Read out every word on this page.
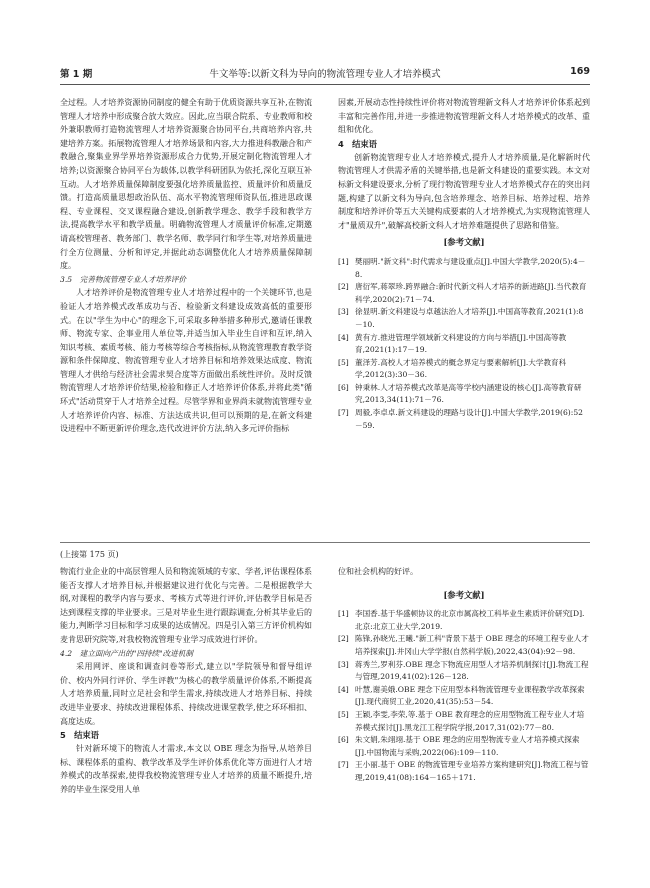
第 1 期	牛文举等:以新文科为导向的物流管理专业人才培养模式	169

全过程。人才培养资源协同制度的健全有助于优质资源共享互补,在物流管理人才培养中形成聚合放大效应。因此,应当联合院系、专业教师和校外兼职教师打造物流管理人才培养资源聚合协同平台,共商培养内容,共建培养方案。拓展物流管理人才培养场景和内容,大力推进科教融合和产教融合,聚集业界学界培养资源形成合力优势,开展定制化物流管理人才培养;以资源聚合协同平台为载体,以教学科研团队为依托,深化互联互补互动。人才培养质量保障制度要强化培养质量监控、质量评价和质量反馈。打造高质量思想政治队伍、高水平物流管理师资队伍,推进思政课程、专业课程、交叉课程融合建设,创新教学理念、教学手段和教学方法,提高教学水平和教学质量。明确物流管理人才质量评价标准,定期邀请高校管理者、教务部门、教学名师、教学同行和学生等,对培养质量进行全方位测量、分析和评定,并据此动态调整优化人才培养质量保障制度。

3.5　完善物流管理专业人才培养评价

人才培养评价是物流管理专业人才培养过程中的一个关键环节,也是验证人才培养模式改革成功与否、检验新文科建设成效高低的重要形式。在以"学生为中心"的理念下,可采取多种举措多种形式,邀请任课教师、物流专家、企事业用人单位等,并适当加入毕业生自评和互评,纳入知识考核、素质考核、能力考核等综合考核指标,从物流管理教育教学资源和条件保障度、物流管理专业人才培养目标和培养效果达成度、物流管理人才供给与经济社会需求契合度等方面做出系统性评价。及时反馈物流管理人才培养评价结果,检验和修正人才培养评价体系,并将此类"循环式"活动贯穿于人才培养全过程。尽管学界和业界尚未就物流管理专业人才培养评价内容、标准、方法达成共识,但可以预期的是,在新文科建设进程中不断更新评价理念,迭代改进评价方法,纳入多元评价指标

因素,开展动态性持续性评价将对物流管理新文科人才培养评价体系起到丰富和完善作用,并进一步推进物流管理新文科人才培养模式的改革、重组和优化。

4　结束语

创新物流管理专业人才培养模式,提升人才培养质量,是化解新时代物流管理人才供需矛盾的关键举措,也是新文科建设的重要实践。本文对标新文科建设要求,分析了现行物流管理专业人才培养模式存在的突出问题,构建了以新文科为导向,包含培养理念、培养目标、培养过程、培养制度和培养评价等五大关键构成要素的人才培养模式,为实现物流管理人才"量质双升",破解高校新文科人才培养难题提供了思路和借鉴。

[参考文献]
[1] 樊丽明."新文科":时代需求与建设重点[J].中国大学教学,2020(5):4－8.
[2] 唐衍军,蒋翠珍.跨界融合:新时代新文科人才培养的新进路[J].当代教育科学,2020(2):71－74.
[3] 徐显明.新文科建设与卓越法治人才培养[J].中国高等教育,2021(1):8－10.
[4] 黄有方.推进管理学领域新文科建设的方向与举措[J].中国高等教育,2021(1):17－19.
[5] 董泽芳.高校人才培养模式的概念界定与要素解析[J].大学教育科学,2012(3):30－36.
[6] 钟秉林.人才培养模式改革是高等学校内涵建设的核心[J].高等教育研究,2013,34(11):71－76.
[7] 周毅,李卓卓.新文科建设的理路与设计[J].中国大学教学,2019(6):52－59.
(上接第 175 页)

物流行业企业的中高层管理人员和物流领域的专家、学者,评估课程体系能否支撑人才培养目标,并根据建议进行优化与完善。二是根据教学大纲,对课程的教学内容与要求、考核方式等进行评价,评估教学目标是否达到课程支撑的毕业要求。三是对毕业生进行跟踪调查,分析其毕业后的能力,判断学习目标和学习成果的达成情况。四是引入第三方评价机构如麦肯思研究院等,对我校物流管理专业学习成效进行评价。

4.2　建立面向产出的"四持续"改进机制

采用网评、座谈和调查问卷等形式,建立以"学院领导和督导组评价、校内外同行评价、学生评教"为核心的教学质量评价体系,不断提高人才培养质量,同时立足社会和学生需求,持续改进人才培养目标、持续改进毕业要求、持续改进课程体系、持续改进课堂教学,使之环环相扣、高度达成。

5　结束语

针对新环境下的物流人才需求,本文以 OBE 理念为指导,从培养目标、课程体系的重构、教学改革及学生评价体系优化等方面进行人才培养模式的改革探索,使得我校物流管理专业人才培养的质量不断提升,培养的毕业生深受用人单

位和社会机构的好评。

[参考文献]
[1] 李国香.基于华盛顿协议的北京市属高校工科毕业生素质评价研究[D].北京:北京工业大学,2019.
[2] 陈锋,孙晓光,王曦."新工科"背景下基于 OBE 理念的环境工程专业人才培养探索[J].井冈山大学学报(自然科学版),2022,43(04):92－98.
[3] 蒋秀兰,罗利芬.OBE 理念下物流应用型人才培养机制探讨[J].物流工程与管理,2019,41(02):126－128.
[4] 叶慧,谢美娥.OBE 理念下应用型本科物流管理专业课程教学改革探索[J].现代商贸工业,2020,41(35):53－54.
[5] 王颖,李雯,李荣,等.基于 OBE 教育理念的应用型物流工程专业人才培养模式探讨[J].黑龙江工程学院学报,2017,31(02):77－80.
[6] 朱文娟,朱翊翊.基于 OBE 理念的应用型物流专业人才培养模式探索[J].中国物流与采购,2022(06):109－110.
[7] 王小丽.基于 OBE 的物流管理专业培养方案构建研究[J].物流工程与管理,2019,41(08):164－165＋171.
